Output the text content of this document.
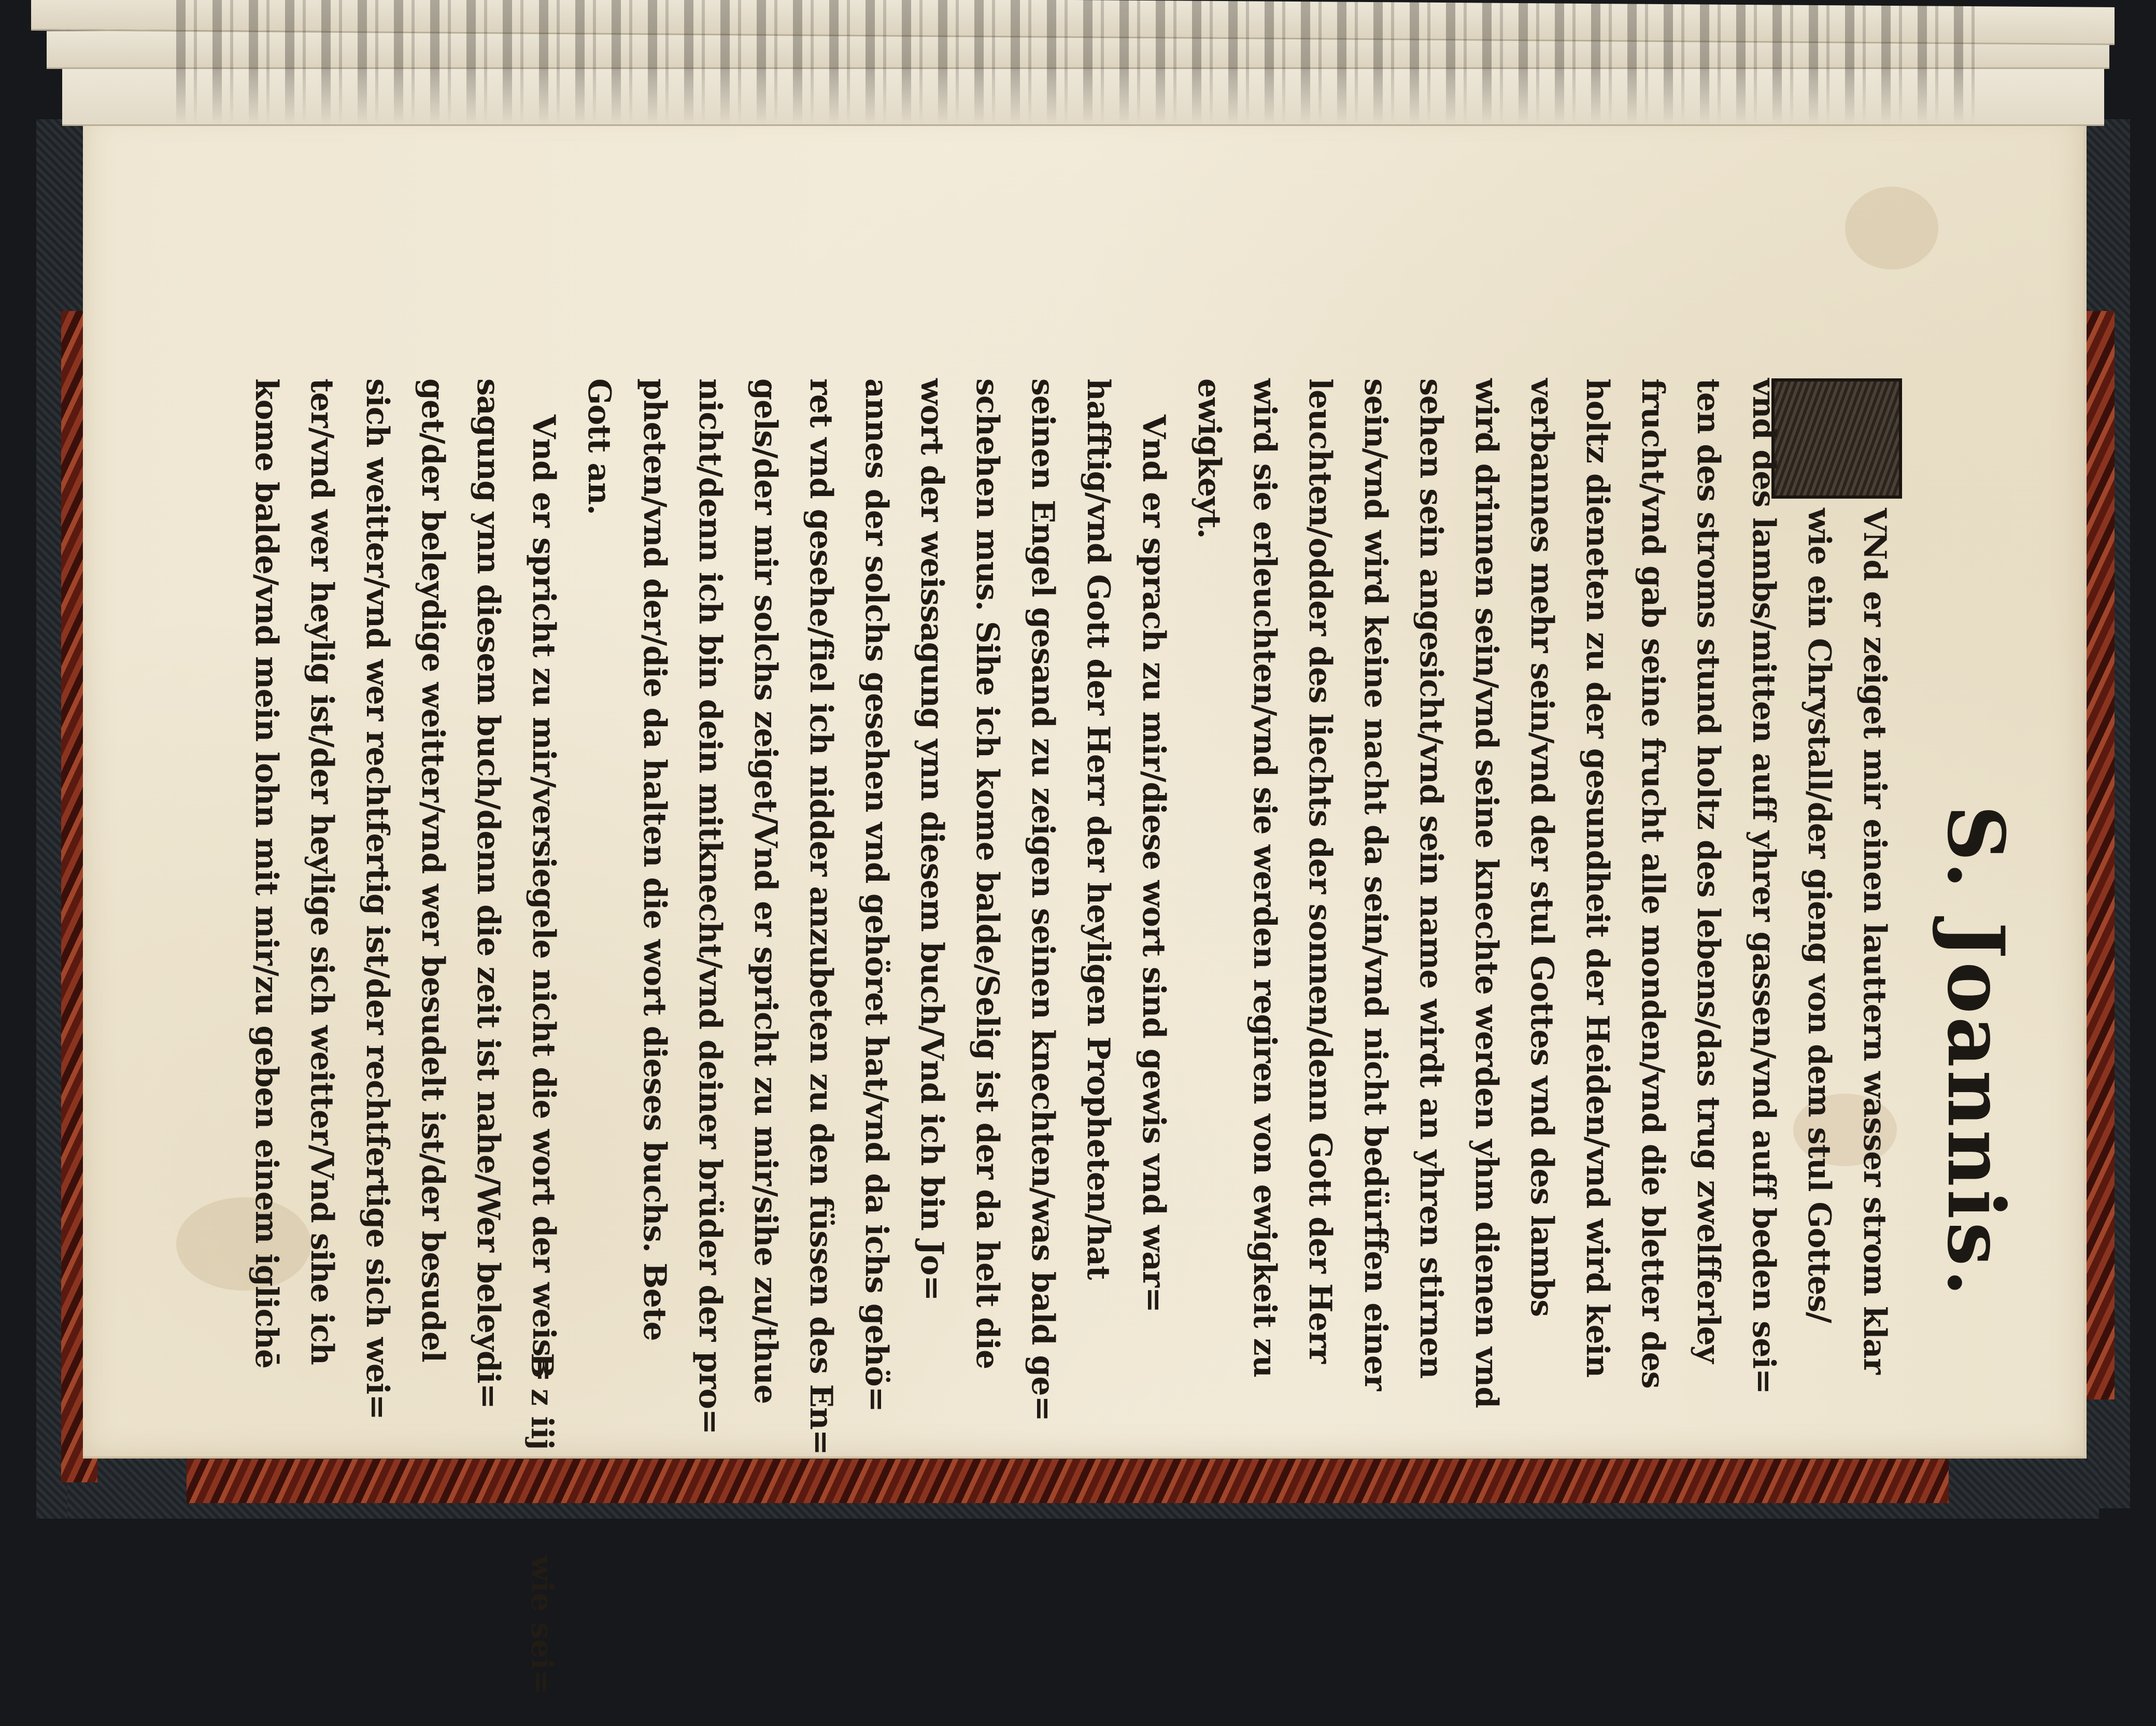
S. Joannis.
VNd er zeiget mir einen lauttern wasser strom klar
wie ein Chrystall/der gieng von dem stul Gottes/
vnd des lambs/mitten auff yhrer gassen/vnd auff beden sei=
ten des stroms stund holtz des lebens/das trug zwelfferley
frucht/vnd gab seine frucht alle monden/vnd die bletter des
holtz dieneten zu der gesundheit der Heiden/vnd wird kein
verbannes mehr sein/vnd der stul Gottes vnd des lambs
wird drinnen sein/vnd seine knechte werden yhm dienen vnd
sehen sein angesicht/vnd sein name wirdt an yhren stirnen
sein/vnd wird keine nacht da sein/vnd nicht bedürffen einer
leuchten/odder des liechts der sonnen/denn Gott der Herr
wird sie erleuchten/vnd sie werden regiren von ewigkeit zu
ewigkeyt.
Vnd er sprach zu mir/diese wort sind gewis vnd war=
hafftig/vnd Gott der Herr der heyligen Propheten/hat
seinen Engel gesand zu zeigen seinen knechten/was bald ge=
schehen mus. Sihe ich kome balde/Selig ist der da helt die
wort der weissagung ynn diesem buch/Vnd ich bin Jo=
annes der solchs gesehen vnd gehöret hat/vnd da ichs gehö=
ret vnd gesehe/fiel ich nidder anzubeten zu den füssen des En=
gels/der mir solchs zeiget/Vnd er spricht zu mir/sihe zu/thue
nicht/denn ich bin dein mitknecht/vnd deiner brüder der pro=
pheten/vnd der/die da halten die wort dieses buchs. Bete
Gott an.
Vnd er spricht zu mir/versiegele nicht die wort der weis=
sagung ynn diesem buch/denn die zeit ist nahe/Wer beleydi=
get/der beleydige weitter/vnd wer besudelt ist/der besudel
sich weitter/vnd wer rechtfertig ist/der rechtfertige sich wei=
ter/vnd wer heylig ist/der heylige sich weitter/Vnd sihe ich
kome balde/vnd mein lohn mit mir/zu geben einem iglichē
B z iij
wie sei=
